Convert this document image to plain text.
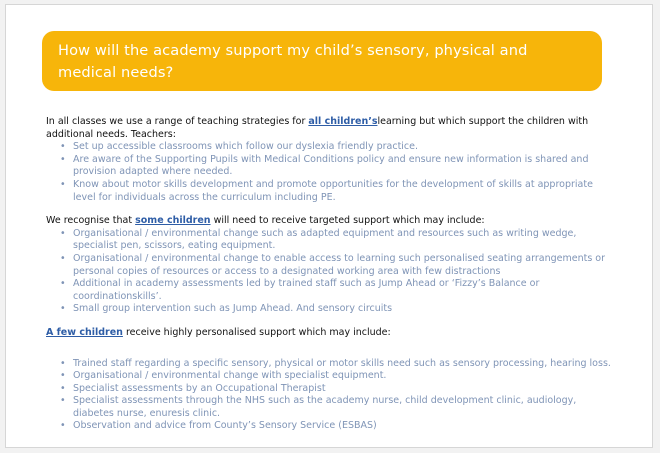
How will the academy support my child’s sensory, physical and medical needs?

In all classes we use a range of teaching strategies for all children’slearning but which support the children with additional needs. Teachers:

• Set up accessible classrooms which follow our dyslexia friendly practice.
• Are aware of the Supporting Pupils with Medical Conditions policy and ensure new information is shared and provision adapted where needed.
• Know about motor skills development and promote opportunities for the development of skills at appropriate level for individuals across the curriculum including PE.

We recognise that some children will need to receive targeted support which may include:

• Organisational / environmental change such as adapted equipment and resources such as writing wedge, specialist pen, scissors, eating equipment.
• Organisational / environmental change to enable access to learning such personalised seating arrangements or personal copies of resources or access to a designated working area with few distractions
• Additional in academy assessments led by trained staff such as Jump Ahead or ‘Fizzy’s Balance or coordinationskills’.
• Small group intervention such as Jump Ahead. And sensory circuits

A few children receive highly personalised support which may include:

• Trained staff regarding a specific sensory, physical or motor skills need such as sensory processing, hearing loss.
• Organisational / environmental change with specialist equipment.
• Specialist assessments by an Occupational Therapist
• Specialist assessments through the NHS such as the academy nurse, child development clinic, audiology, diabetes nurse, enuresis clinic.
• Observation and advice from County’s Sensory Service (ESBAS)
